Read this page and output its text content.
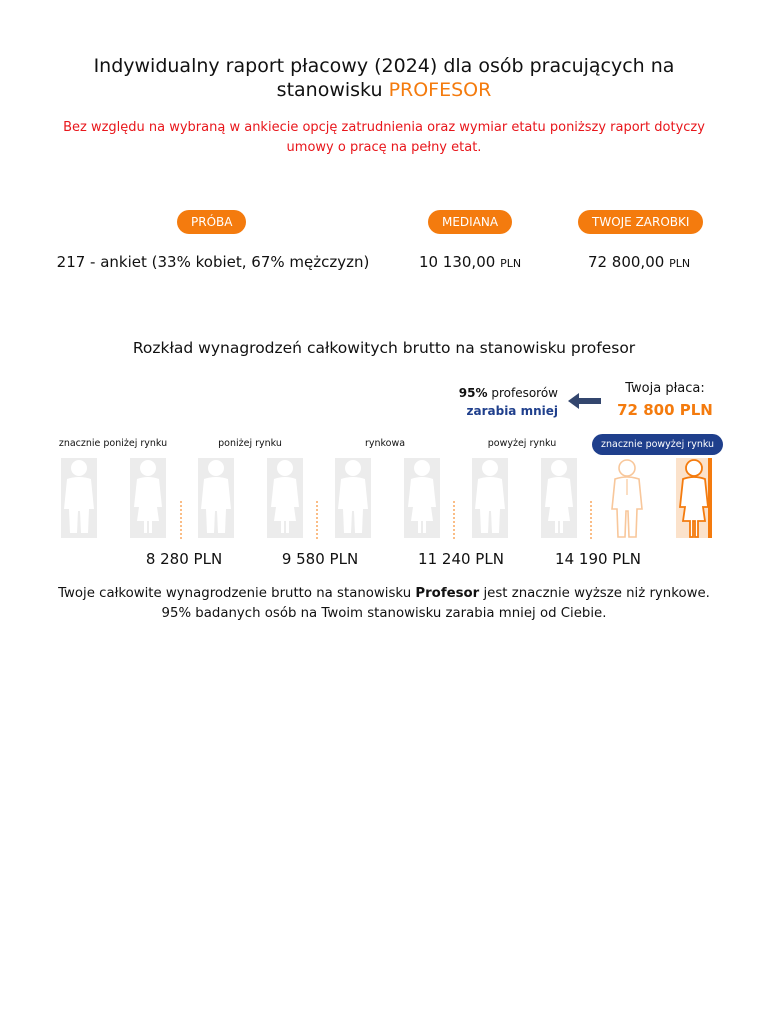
Indywidualny raport płacowy (2024) dla osób pracujących na
stanowisku PROFESOR
Bez względu na wybraną w ankiecie opcję zatrudnienia oraz wymiar etatu poniższy raport dotyczy umowy o pracę na pełny etat.
PRÓBA	MEDIANA	TWOJE ZAROBKI
217 - ankiet (33% kobiet, 67% mężczyzn)	10 130,00 PLN	72 800,00 PLN
Rozkład wynagrodzeń całkowitych brutto na stanowisku profesor
95% profesorów
zarabia mniej
Twoja płaca:
72 800 PLN
znacznie poniżej rynku	poniżej rynku	rynkowa	powyżej rynku	znacznie powyżej rynku
8 280 PLN	9 580 PLN	11 240 PLN	14 190 PLN
Twoje całkowite wynagrodzenie brutto na stanowisku Profesor jest znacznie wyższe niż rynkowe.
95% badanych osób na Twoim stanowisku zarabia mniej od Ciebie.
